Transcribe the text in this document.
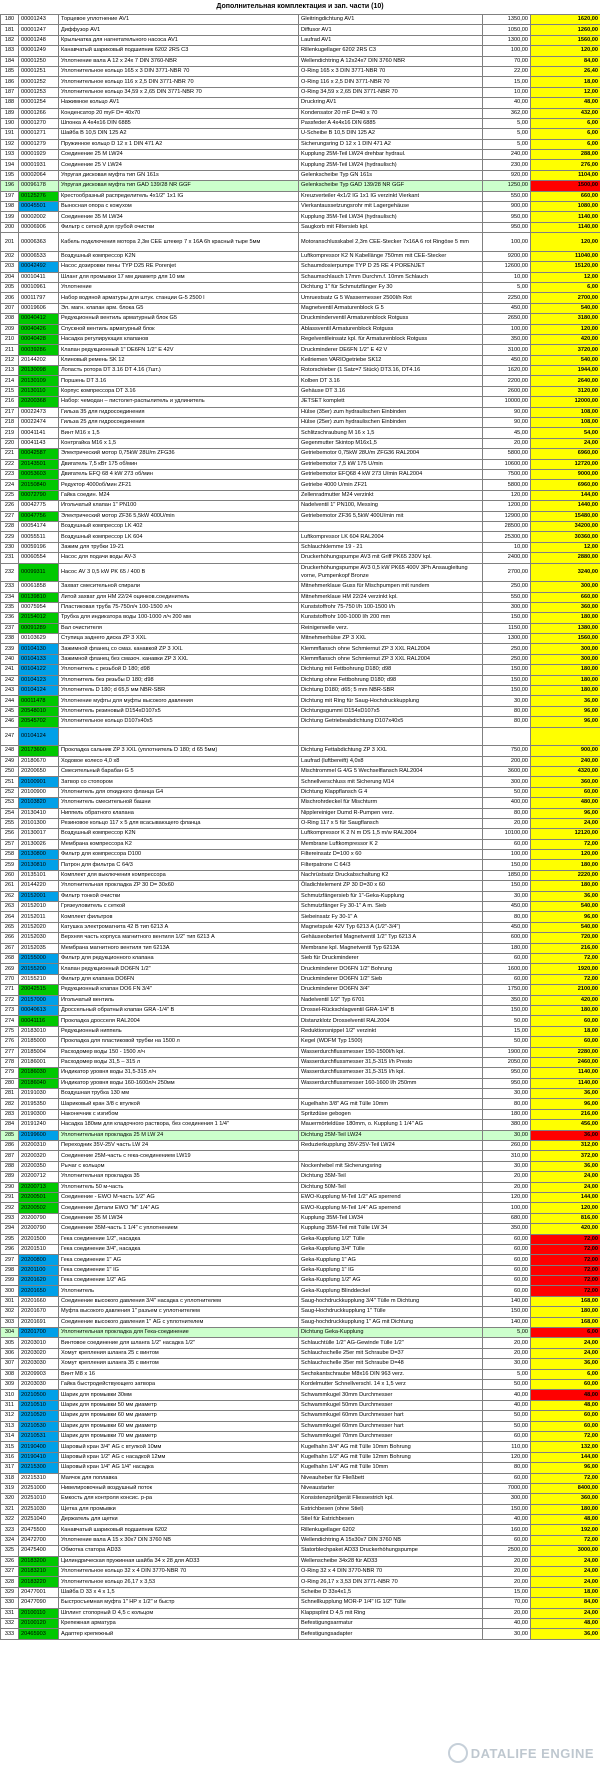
Дополнительная комплектация и зап. части (10)
180	00001243	Торцевое уплотнение AV1	Gleitringdichtung AV1	1350,00	1620,00
181	00001247	Диффузор AV1	Diffusor AV1	1050,00	1260,00
182	00001248	Крыльчатка для нагнетательного насоса AV1	Laufrad AV1	1300,00	1560,00
183	00001249	Канавчатый шариковый подшипник 6202 2RS C3	Rillenkugellager 6202 2RS C3	100,00	120,00
184	00001250	Уплотнение вала A 12 x 24x 7 DIN 3760-NBR	Wellendichtring A 12x24x7 DIN 3760 NBR	70,00	84,00
185	00001251	Уплотнительное кольцо 165 x 3 DIN 3771-NBR 70	O-Ring 165 x 3 DIN 3771-NBR 70	22,00	26,40
186	00001252	Уплотнительное кольцо 116 x 2,5 DIN 3771-NBR 70	O-Ring 116 x 2,5 DIN 3771-NBR 70	15,00	18,00
187	00001253	Уплотнительное кольцо 34,59 x 2,65 DIN 3771-NBR 70	O-Ring 34,59 x 2,65 DIN 3771-NBR 70	10,00	12,00
188	00001254	Нажимное кольцо AV1	Druckring AV1	40,00	48,00
189	00001266	Конденсатор 20 mуF D= 40x70	Kondensator 20 mF D=40 x 70	362,00	432,00
190	00001270	Шпонка A 4x4x16 DIN 6885	Passfeder A 4x4x16 DIN 6885	5,00	6,00
191	00001271	Шайба B 10,5 DIN 125 A2	U-Scheibe B 10,5 DIN 125 A2	5,00	6,00
192	00001279	Пружинное кольцо D 12 x 1 DIN 471 A2	Sicherungsring D 12 x 1 DIN 471 A2	5,00	6,00
193	00001929	Соединение 25 M LW24	Kupplung 25M-Teil LW24 drehbar hydraul.	240,00	288,00
194	00001931	Соединение 25 V LW24	Kupplung 25M-Teil LW24 (hydraulisch)	230,00	276,00
195	00002064	Упругая дисковая муфта тип GN 161s	Gelenkscheibe Typ GN 161s	920,00	1104,00
196	00096178	Упругая дисковая муфта тип GAD 139/28 NR GGF	Gelenkscheibe Typ GAD 139/28 NR GGF	1250,00	1500,00
197	00125276	Крестообразный распределитель 4x1/2" 1x1 IG	Kreuzverteiler 4x1/2 IG 1x1 IG verzinkt Vierkant	550,00	660,00
198	00045501	Выносная опора с кожухом	Vierkantaussetzungsrohr mit Lagergehäuse	900,00	1080,00
199	00002002	Соединение 35 M LW34	Kupplung 35M-Teil LW34 (hydraulisch)	950,00	1140,00
200	00006906	Фильтр с сеткой для грубой очистки	Saugkorb mit Filtersieb kpl.	950,00	1140,00
201	00006363	Кабель подключения мотора 2,3м CEE штекер 7 x 16A 6h красный тыре 5мм	Motoranschlusskabel 2,3m CEE-Stecker 7x16A 6 rot Ringöse 5 mm	100,00	120,00
202	00006533	Воздушный компрессор K2N	Luftkompressor K2 N Kabellänge 750mm mit CEE-Stecker	9200,00	11040,00
203	00042492	Насос дозировки пены TYP D25 RE Porenjet	Schaumdosierpumpe TYP D 25 RE 4 PORENJET	12600,00	15120,00
204	00010411	Шланг для промывки 17 мм диаметр для 10 мм	Schaumschlauch 17mm Durchm.f. 10mm Schlauch	10,00	12,00
205	00010961	Уплотнение	Dichtung 1" für Schmutzfänger Fy 30	5,00	6,00
206	00011797	Набор водяной арматуры для штук. станции G-5 2500 l	Umruestsatz G 5 Wassermesser 2500l/h Rot	2250,00	2700,00
207	00019606	Эл. магн. клапан арм. блока G5	Magnetventil Armaturenblock G 5	450,00	540,00
208	00040412	Редукционный вентиль арматурный блок G5	Druckminderventil Armaturenblock Rotguss	2650,00	3180,00
209	00040426	Спускной вентиль арматурный блок	Ablassventil Armaturenblock Rotguss	100,00	120,00
210	00040428	Насадка регулирующих клапанов	Regelventileinsatz kpl. für Armaturenblock Rotguss	350,00	420,00
211	00039286	Клапан редукционный 1" DE6FN 1/2" E 42V	Druckminderer DE6FN 1/2" E 42 V	3100,00	3720,00
212	20144202	Клиновый ремень SK 12	Keilriemen VARIOgetriebe SK12	450,00	540,00
213	20130098	Лопасть ротора DT 3.16 DT 4.16 (7шт.)	Rotorschieber (1 Satz=7 Stück) DT3.16, DT4.16	1620,00	1944,00
214	20130109	Поршень DT 3.16	Kolben DT 3.16	2200,00	2640,00
215	20130110	Корпус компрессора DT 3.16	Gehäuse DT 3.16	2600,00	3120,00
216	20200368	Набор: чемодан – пистолет-распылитель и удлинитель	JETSET komplett	10000,00	12000,00
217	00022473	Гильза 35 для гидросоединения	Hülse (35er) zum hydraulischen Einbinden	90,00	108,00
218	00022474	Гильза 25 для гидросоединения	Hülse (25er) zum hydraulischen Einbinden	90,00	108,00
219	00041141	Винт M16 x 1,5	Schlitzschraubung M 16 x 1,5	45,00	54,00
220	00041143	Контргайка M16 x 1,5	Gegenmutter Skintop M16x1,5	20,00	24,00
221	00042587	Электрический мотор 0,75kW 28U/m ZFG36	Getriebemotor 0,75kW 28U/m ZFG36 RAL2004	5800,00	6960,00
222	20143501	Двигатель 7,5 кВт 175 об/мин	Getriebemotor 7,5 kW 175 U/min	10600,00	12720,00
223	00053603	Двигатель EFQ 68 4 kW 273 об/мин	Getriebemotor EFQ68 4 kW 273 U/min RAL2004	7500,00	9000,00
224	20150840	Редуктор 4000об/мин ZF21	Getriebe 4000 U/min ZF21	5800,00	6960,00
225	00072790	Гайка соедин. M24	Zellenradmutter M24 verzinkt	120,00	144,00
226	00042775	Игольчатый клапан 1" PN100	Nadelventil 1" PN100, Messing	1200,00	1440,00
227	00047756	Электрический мотор ZF36 5,5kW 400U/min	Getriebemotor ZF36 5,5kW 400U/min mit	12900,00	15480,00
228	00054174	Воздушный компрессор LK 402		28500,00	34200,00
229	00055511	Воздушный компрессор LK 604	Luftkompressor LK 604 RAL2004	25300,00	30360,00
230	00059196	Зажим для трубки 19-21	Schlauchklemme 19 - 21	10,00	12,00
231	00060554	Насос для подачи воды AV-3	Druckerhöhungspumpe AV3 mit Griff PK65 230V kpl.	2400,00	2880,00
232	00099311	Насос AV 3 0,5 kW PK 65 / 400 В	Druckerhöhungspumpe AV3 0,5 kW PK65 400V 3Ph Ansaugleitung vorne, Pumpenkopf Bronze	2700,00	3240,00
233	00061858	Захват смесительной спирали	Mitnehmerklaue Guss für Mischpumpen mit rundem	250,00	300,00
234	00139810	Литой захват для HM 22/24 оцинков.соединитель	Mitnehmerklaue HM 22/24 verzinkt kpl.	550,00	660,00
235	00075954	Пластиковая труба 75-750л/ч 100-1500 л/ч	Kunststoffrohr 75-750 l/h 100-1500 l/h	300,00	360,00
236	20154012	Трубка для индикатора воды 100-1000 л/ч 200 мм	Kunststoffrohr 100-1000 l/h 200 mm	150,00	180,00
237	00091289	Вал очистителя	Reinigerwelle verz.	1150,00	1380,00
238	00103629	Ступица заднего диска ZP 3 XXL	Mitnehmerhülse ZP 3 XXL	1300,00	1560,00
239	00104130	Зажимной фланец со смаз. канавкой ZP 3 XXL	Klemmflansch ohne Schmiernut ZP 3 XXL RAL2004	250,00	300,00
240	00104133	Зажимной фланец без смазоч. канавки ZP 3 XXL	Klemmflansch ohne Schmiernut ZP 3 XXL RAL2004	250,00	300,00
241	00104122	Уплотнитель с резьбой D 180; d98	Dichtung mit Fettbohrung D180; d98	150,00	180,00
242	00104123	Уплотнитель без резьбы D 180; d98	Dichtung ohne Fettbohrung D180; d98	150,00	180,00
243	00104124	Уплотнитель D 180; d 65,5 мм NBR-SBR	Dichtung D180; d65; 5 mm NBR-SBR	150,00	180,00
244	00011478	Уплотнение муфты для муфты высокого давления	Dichtung mit Ring für Saug-Hochdruckkupplung	30,00	36,00
245	20548010	Уплотнитель резиновый D154xD107x5	Dichtungsgummi D154xD107x5	80,00	96,00
246	20545702	Уплотнительное кольцо D107x40x5	Dichtung Getriebeabdichtung D107x40x5	80,00	96,00
247	00104124				
248	20173600	Прокладка сальник ZP 3 XXL (уплотнитель D 180; d 65 5мм)	Dichtung Fettabdichtung ZP 3 XXL	750,00	900,00
249	20180670	Ходовое колесо 4,0 x8	Laufrad (luftbereift) 4,0x8	200,00	240,00
250	20200650	Смесительный барабан G 5	Mischtrommel G 4/G 5 Wechselflansch RAL2004	3600,00	4320,00
251	20100901	Затвор со стопором	Schnellverschluss mit Sicherung M14	300,00	360,00
252	20100900	Уплотнитель для откидного фланца G4	Dichtung Klappflansch G 4	50,00	60,00
253	20103820	Уплотнитель смесительной башни	Mischrohrdeckel für Mischturm	400,00	480,00
254	20130410	Ниппель обратного клапана	Nipplereiniger Dumd R-Pumpen verz.	80,00	96,00
255	20101300	Резиновое кольцо 117 x 5 для всасывающего фланца	O-Ring 117 x 5 für Saugflansch	20,00	24,00
256	20130017	Воздушный компрессор K2N	Luftkompressor K 2 N m DS 1,5 m/w RAL2004	10100,00	12120,00
257	20130026	Мембрана компрессора K2	Membrane Luftkompressor K 2	60,00	72,00
258	20130800	Фильтр для компрессора D100	Filtereinsatz D=100 x 60	100,00	120,00
259	20130810	Патрон для фильтра C 64/3	Filterpatrone C 64/3	150,00	180,00
260	20135101	Комплект для выключения компрессора	Nachrüstsatz Druckabschaltung K2	1850,00	2220,00
261	20144220	Уплотнительная прокладка ZP 30 D= 30x60	Öladichtelement ZP 30 D=30 x 60	150,00	180,00
262	20152001	Фильтр тонкой очистки	Schmutzfängersieb für 1"-Geka-Kupplung	30,00	36,00
263	20152010	Грязеуловитель с сеткой	Schmutzfänger Fy 30-1" A m. Sieb	450,00	540,00
264	20152011	Комплект фильтров	Siebeinsatz Fy 30-1" A	80,00	96,00
265	20152020	Катушка электромагнита 42 В тип 6213 A	Magnetspule 42V Typ 6213 A (1/2"-3/4")	450,00	540,00
266	20152030	Верхняя часть корпуса магнитного вентиля 1/2" тип 6213 A	Gehäuseoberteil Magnetventil 1/2" Typ 6213 A	600,00	720,00
267	20152035	Мембрана магнитного вентиля тип 6213A	Membrane kpl. Magnetventil Typ 6213A	180,00	216,00
268	20155000	Фильтр для редукционного клапана	Sieb für Druckminderer	60,00	72,00
269	20155200	Клапан редукционный DO6FN 1/2"	Druckminderer DO6FN 1/2" Bohrung	1600,00	1920,00
270	20155210	Фильтр для клапана DO6FN	Druckminderer DO6FN 1/2" Sieb	60,00	72,00
271	20042515	Редукционный клапан DO6 FN 3/4"	Druckminderer DO6FN 3/4"	1750,00	2100,00
272	20157000	Игольчатый вентиль	Nadelventil 1/2" Typ 6701	350,00	420,00
273	00040613	Дроссельный обратный клапан GRA -1/4" B	Drossel-Rückschlagventil GRA-1/4" B	150,00	180,00
274	00041116	Прокладка дросселя RAL2004	Distanzklotz Drosselventil RAL2004	50,00	60,00
275	20183010	Редукционный ниппель	Reduktionsnippel 1/2" verzinkt	15,00	18,00
276	20185000	Прокладка для пластиковой трубки на 1500 л	Kegel (WDFM Typ 1500)	50,00	60,00
277	20185004	Расходомер воды 150 - 1500 л/ч	Wasserdurchflussmesser 150-1500l/h kpl.	1900,00	2280,00
278	20186001	Расходомер воды 31,5 – 315 л	Wasserdurchflussmesser 31,5-315 l/h Presto	2050,00	2460,00
279	20186030	Индикатор уровня воды 31,5-315 л/ч	Wasserdurchflussmesser 31,5-315 l/h kpl.	950,00	1140,00
280	20186040	Индикатор уровня воды 160-1600л/ч 250мм	Wasserdurchflussmesser 160-1600 l/h 250mm	950,00	1140,00
281	20191030	Воздушная трубка 130 мм		30,00	36,00
282	20195350	Шариковый кран 3/8 с втулкой	Kugelhahn 3/8" AG mit Tülle 10mm	80,00	96,00
283	20190300	Наконечник с изгибом	Spritzdüse gebogen	180,00	216,00
284	20191240	Насадка 180мм для кладочного раствора, без соединения 1 1/4"	Mauermörteldüse 180mm, o. Kupplung 1 1/4" AG	380,00	456,00
285	20199600	Уплотнительная прокладка 25 M LW 24	Dichtung 25M-Teil LW24	30,00	36,00
286	20200310	Переходник 35V-25V часть LW 24	Reduzierkupplung 35V-25V-Teil LW24	260,00	312,00
287	20200320	Соединение 25M-часть с гека-соединением LW19		310,00	372,00
288	20200350	Рычаг с кольцом	Nockenhebel mit Sicherungsring	30,00	36,00
289	20200712	Уплотнительная прокладка 35	Dichtung 35M-Teil	20,00	24,00
290	20200713	Уплотнитель 50 м-часть	Dichtung 50M-Teil	20,00	24,00
291	20200501	Соединение - EWO M-часть 1/2" AG	EWO-Kupplung M-Teil 1/2" AG sperrend	120,00	144,00
292	20200502	Соединение Детали EWO "M" 1/4" AG	EWO-Kupplung M-Teil 1/4" AG sperrend	100,00	120,00
293	20200790	Соединение 35 M LW34	Kupplung 35M-Teil LW34	680,00	816,00
294	20200790	Соединение 35M-часть 1 1/4" с уплотнением	Kupplung 35M-Teil mit Tülle LW 34	350,00	420,00
295	20201500	Гека соединение 1/2", насадка	Geka-Kupplung 1/2" Tülle	60,00	72,00
296	20201510	Гека соединение 3/4", насадка	Geka-Kupplung 3/4" Tülle	60,00	72,00
297	20200800	Гека соединение 1" AG	Geka-Kupplung 1" AG	60,00	72,00
298	20201100	Гека соединение 1" IG	Geka-Kupplung 1" IG	60,00	72,00
299	20201620	Гека соединение 1/2" AG	Geka-Kupplung 1/2" AG	60,00	72,00
300	20201650	Уплотнитель	Geka-Kupplung Blinddeckel	60,00	72,00
301	20201660	Соединение высокого давления 3/4" насадка с уплотнителем	Saug-hochdruckkupplung 3/4" Tülle m Dichtung	140,00	168,00
302	20201670	Муфта высокого давления 1" разъем с уплотнителем	Saug-Hochdruckkupplung 1" Tülle	150,00	180,00
303	20201691	Соединение высокого давления 1" AG с уплотнителем	Saug-hochdruckkupplung 1" AG mit Dichtung	140,00	168,00
304	20201700	Уплотнительная прокладка для Гека-соединение	Dichtung Geka-Kupplung	5,00	6,00
305	20203010	Винтовое соединение для шланга 1/2" насадка 1/2"	Schlauchtülle 1/2" AG-Gewinde Tülle 1/2"	20,00	24,00
306	20203020	Хомут крепления шланга 25 с винтом	Schlauchschelle 25er mit Schraube D=37	20,00	24,00
307	20203030	Хомут крепления шланга 35 с винтом	Schlauchschelle 35er mit Schraube D=48	30,00	36,00
308	20209903	Винт M8 x 16	Sechskantschraube M8x16 DIN 963 verz.	5,00	6,00
309	20203030	Гайка быстродействующего затвора	Kordelmutter Schnellverschl. 14 x 1,5 verz	50,00	60,00
310	20210500	Шарик для промывки 30мм	Schwammkugel 30mm Durchmesser	40,00	48,00
311	20210510	Шарик для промывки 50 мм диаметр	Schwammkugel 50mm Durchmesser	40,00	48,00
312	20210520	Шарик для промывки 60 мм диаметр	Schwammkugel 60mm Durchmesser hart	50,00	60,00
313	20210530	Шарик для промывки 60 мм диаметр	Schwammkugel 60mm Durchmesser hart	50,00	60,00
314	20210531	Шарик для промывки 70 мм диаметр	Schwammkugel 70mm Durchmesser	60,00	72,00
315	20190400	Шаровый кран 3/4" AG с втулкой 10мм	Kugelhahn 3/4" AG mit Tülle 10mm Bohrung	110,00	132,00
316	20190410	Шаровый кран 1/2" AG с насадкой 12мм	Kugelhahn 1/2" AG mit Tülle 12mm Bohrung	120,00	144,00
317	20215300	Шаровый кран 1/4" AG 1/4" насадка	Kugelhahn 1/4" AG mit Tülle 10mm	80,00	96,00
318	20215310	Маячок для поплавка	Niveauheber für Fließbett	60,00	72,00
319	20251000	Нивелировочный воздушный поток	Niveaustarter	7000,00	8400,00
320	20251010	Емкость для контроля консис. р-ра	Konsistenzprüfgerät Fliessestrich kpl.	300,00	360,00
321	20251030	Щетка для промывки	Estrichbesen (ohne Stiel)	150,00	180,00
322	20251040	Держатель для щетки	Stiel für Estrichbesen	40,00	48,00
323	20475500	Канавчатый шариковый подшипник 6202	Rillenkugellager 6202	160,00	192,00
324	20472700	Уплотнение вала A 15 x 30x7 DIN 3760 NB	Wellendichtring A 15x30x7 DIN 3760 NB	60,00	72,00
325	20475400	Обмотка статора AD33	Statorblechpaket AD33 Druckerhöhungspumpe	2500,00	3000,00
326	20183200	Цилиндрическая пружинная шайба 34 x 28 для AD33	Wellenscheibe 34x28 für AD33	20,00	24,00
327	20183210	Уплотнительное кольцо 32 x 4 DIN 3770-NBR 70	O-Ring 32 x 4 DIN 3770-NBR 70	20,00	24,00
328	20183220	Уплотнительное кольцо 26,17 x 3,53	O-Ring 26,17 x 3,53 DIN 3771-NBR 70	20,00	24,00
329	20477001	Шайба D 33 x 4 x 1,5	Scheibe D 33x4x1,5	15,00	18,00
330	20477090	Быстросъемная муфта 1" HP x 1/2" и быстр	Schnellkupplung MOR-P 1/4" IG 1/2" Tülle	70,00	84,00
331	20100110	Шплинт стопорный D 4,5 с кольцом	Klappsplint D 4,5 mit Ring	20,00	24,00
332	20100120	Крепежная арматура	Befestigungsarmatur	40,00	48,00
333	20465903	Адаптер крепежный	Befestigungsadapter	30,00	36,00
DATALIFE ENGINE
